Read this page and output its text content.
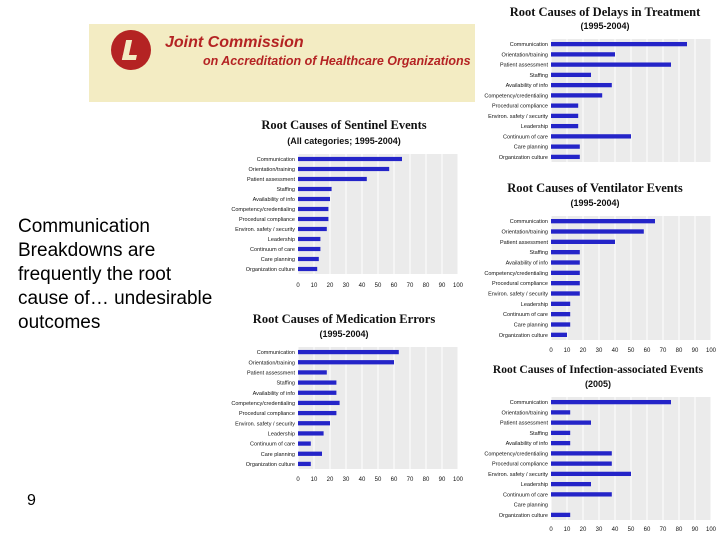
Joint Commission
on Accreditation of Healthcare Organizations
Communication Breakdowns are frequently the root cause of… undesirable outcomes
9
Root Causes of Sentinel Events
(All categories; 1995-2004)
0 10 20 30 40 50 60 70 80 90 100
Communication
Orientation/training
Patient assessment
Staffing
Availability of info
Competency/credentialing
Procedural compliance
Environ. safety / security
Leadership
Continuum of care
Care planning
Organization culture
Root Causes of Delays in Treatment
(1995-2004)
Communication
Orientation/training
Patient assessment
Staffing
Availability of info
Competency/credentialing
Procedural compliance
Environ. safety / security
Leadership
Continuum of care
Care planning
Organization culture
Root Causes of Ventilator Events
(1995-2004)
0 10 20 30 40 50 60 70 80 90 100
Communication
Orientation/training
Patient assessment
Staffing
Availability of info
Competency/credentialing
Procedural compliance
Environ. safety / security
Leadership
Continuum of care
Care planning
Organization culture
Root Causes of Medication Errors
(1995-2004)
0 10 20 30 40 50 60 70 80 90 100
Communication
Orientation/training
Patient assessment
Staffing
Availability of info
Competency/credentialing
Procedural compliance
Environ. safety / security
Leadership
Continuum of care
Care planning
Organization culture
Root Causes of Infection-associated Events
(2005)
0 10 20 30 40 50 60 70 80 90 100
Communication
Orientation/training
Patient assessment
Staffing
Availability of info
Competency/credentialing
Procedural compliance
Environ. safety / security
Leadership
Continuum of care
Care planning
Organization culture
